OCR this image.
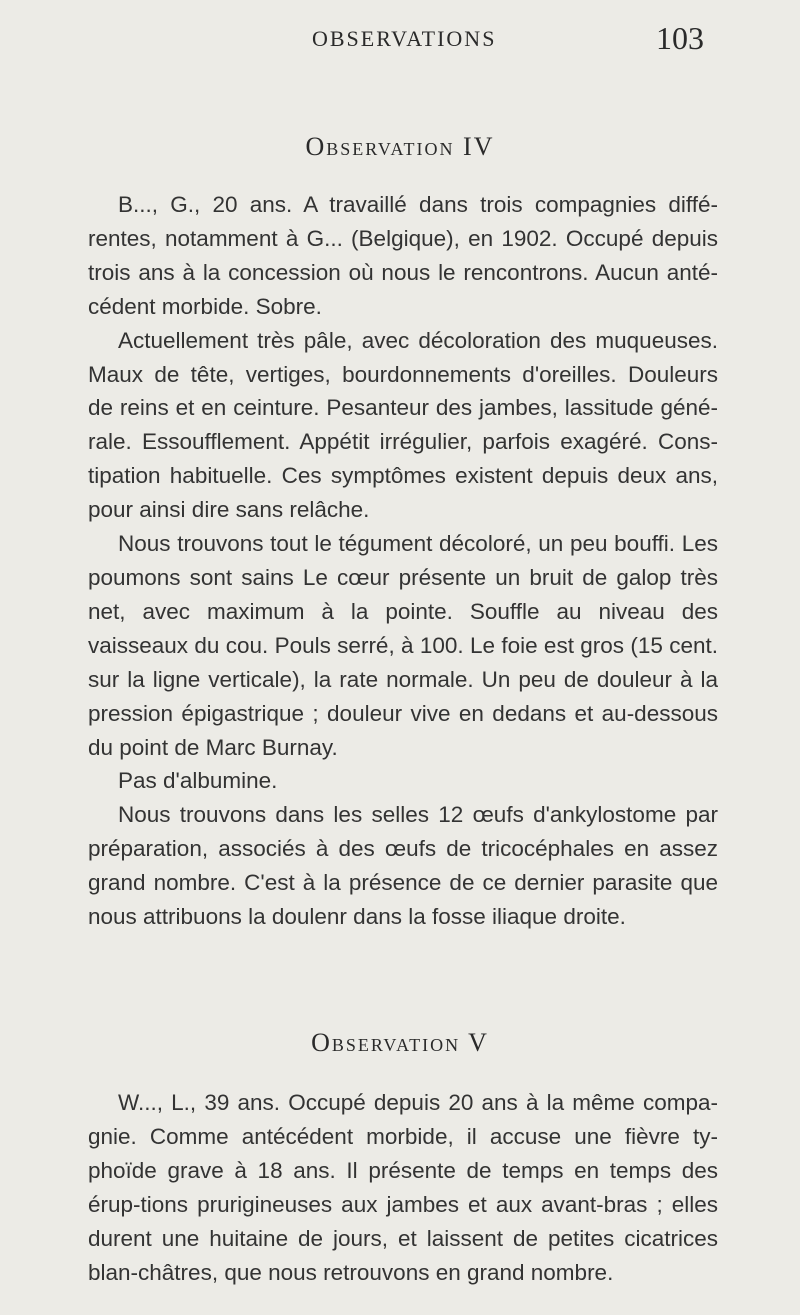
OBSERVATIONS	103
Observation IV

B..., G., 20 ans. A travaillé dans trois compagnies diffé-rentes, notamment à G... (Belgique), en 1902. Occupé depuis trois ans à la concession où nous le rencontrons. Aucun anté-cédent morbide. Sobre.

Actuellement très pâle, avec décoloration des muqueuses. Maux de tête, vertiges, bourdonnements d'oreilles. Douleurs de reins et en ceinture. Pesanteur des jambes, lassitude géné-rale. Essoufflement. Appétit irrégulier, parfois exagéré. Cons-tipation habituelle. Ces symptômes existent depuis deux ans, pour ainsi dire sans relâche.

Nous trouvons tout le tégument décoloré, un peu bouffi. Les poumons sont sains Le cœur présente un bruit de galop très net, avec maximum à la pointe. Souffle au niveau des vaisseaux du cou. Pouls serré, à 100. Le foie est gros (15 cent. sur la ligne verticale), la rate normale. Un peu de douleur à la pression épigastrique ; douleur vive en dedans et au-dessous du point de Marc Burnay.

Pas d'albumine.

Nous trouvons dans les selles 12 œufs d'ankylostome par préparation, associés à des œufs de tricocéphales en assez grand nombre. C'est à la présence de ce dernier parasite que nous attribuons la doulenr dans la fosse iliaque droite.

Observation V

W..., L., 39 ans. Occupé depuis 20 ans à la même compa-gnie. Comme antécédent morbide, il accuse une fièvre ty-phoïde grave à 18 ans. Il présente de temps en temps des érup-tions prurigineuses aux jambes et aux avant-bras ; elles durent une huitaine de jours, et laissent de petites cicatrices blan-châtres, que nous retrouvons en grand nombre.
